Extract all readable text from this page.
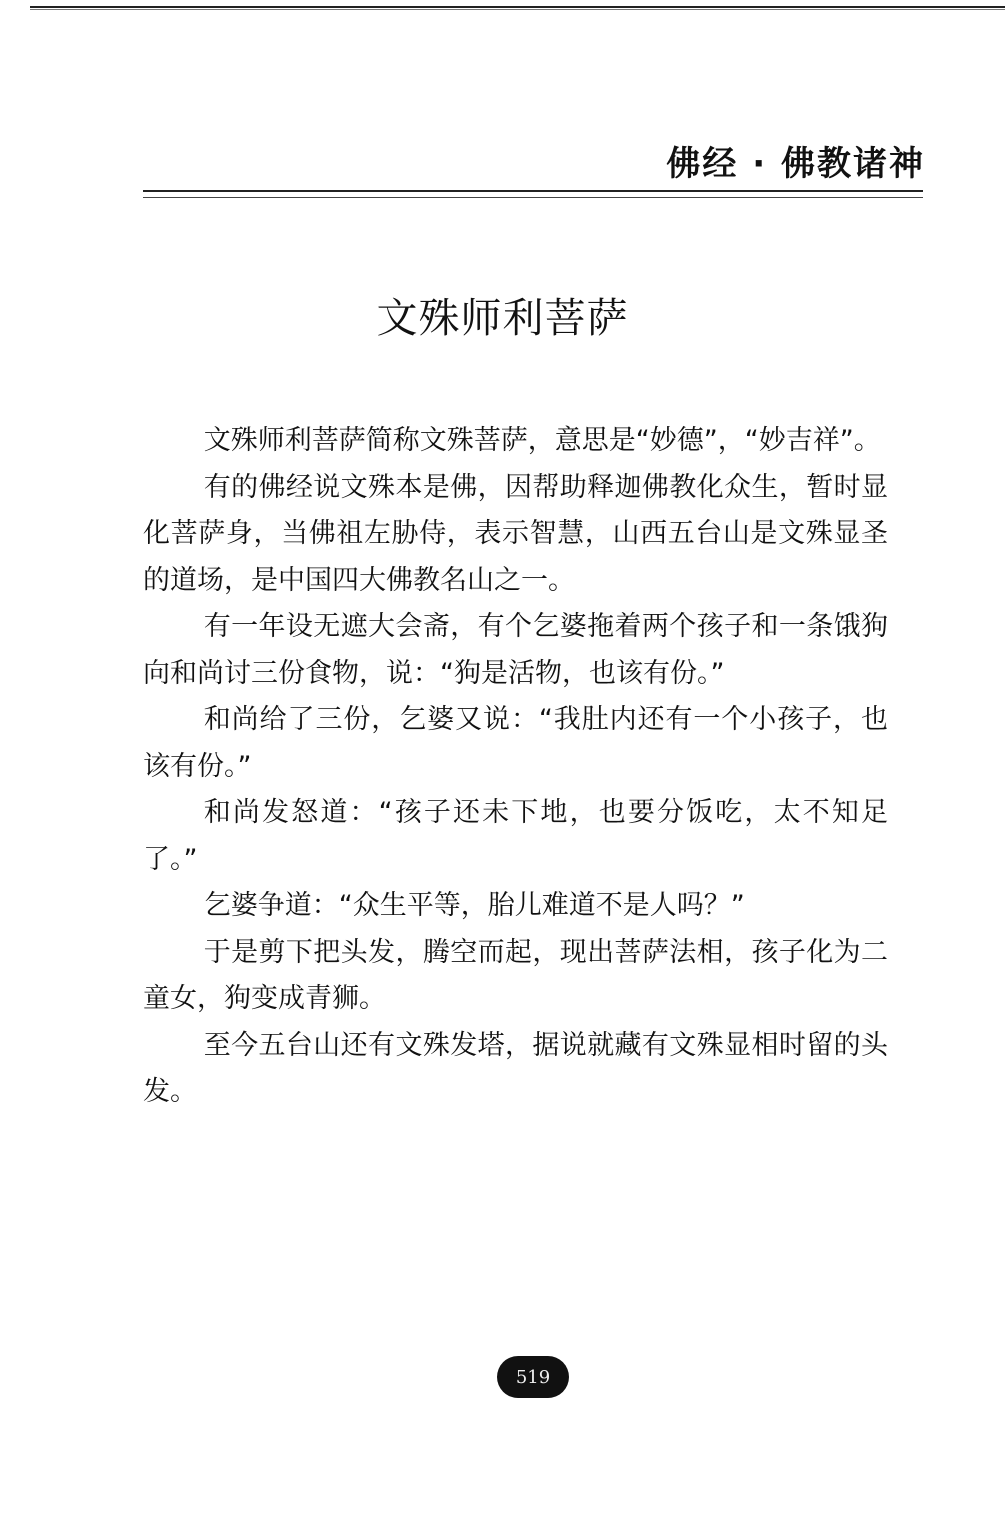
佛经 · 佛教诸神
文殊师利菩萨

文殊师利菩萨简称文殊菩萨，意思是“妙德”，“妙吉祥”。

有的佛经说文殊本是佛，因帮助释迦佛教化众生，暂时显化菩萨身，当佛祖左胁侍，表示智慧，山西五台山是文殊显圣的道场，是中国四大佛教名山之一。

有一年设无遮大会斋，有个乞婆拖着两个孩子和一条饿狗向和尚讨三份食物，说：“狗是活物，也该有份。”

和尚给了三份，乞婆又说：“我肚内还有一个小孩子，也该有份。”

和尚发怒道：“孩子还未下地，也要分饭吃，太不知足了。”

乞婆争道：“众生平等，胎儿难道不是人吗？”

于是剪下把头发，腾空而起，现出菩萨法相，孩子化为二童女，狗变成青狮。

至今五台山还有文殊发塔，据说就藏有文殊显相时留的头发。

519
